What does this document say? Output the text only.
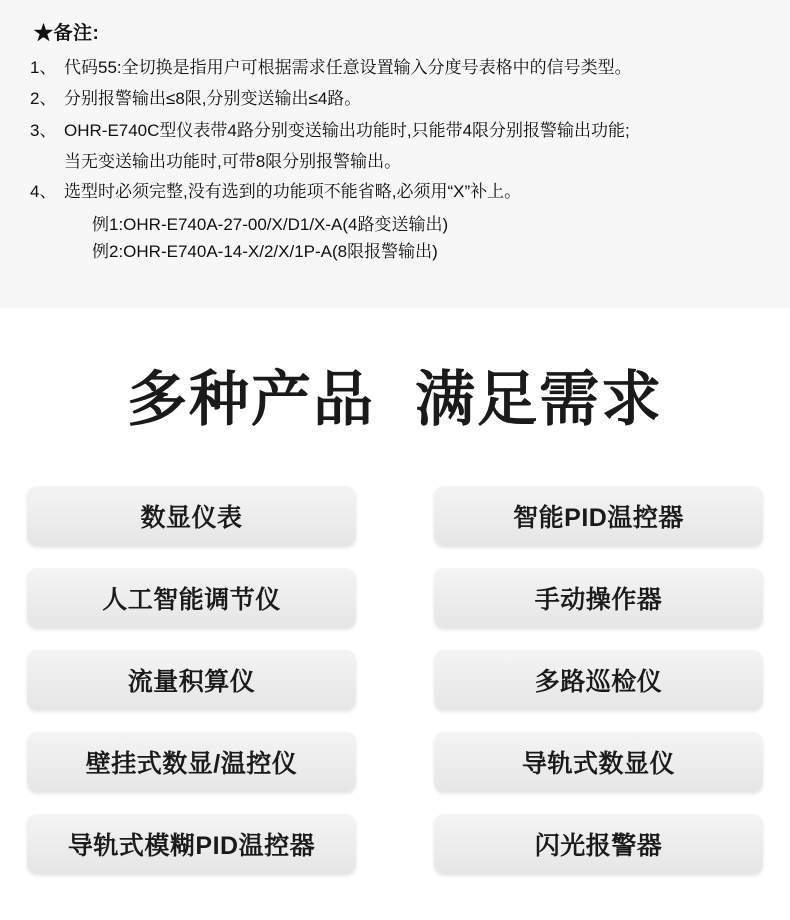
★备注:
1、 代码55:全切换是指用户可根据需求任意设置输入分度号表格中的信号类型。
2、 分别报警输出≤8限,分别变送输出≤4路。
3、 OHR-E740C型仪表带4路分别变送输出功能时,只能带4限分别报警输出功能;
当无变送输出功能时,可带8限分别报警输出。
4、 选型时必须完整,没有选到的功能项不能省略,必须用“X”补上。
例1:OHR-E740A-27-00/X/D1/X-A(4路变送输出)
例2:OHR-E740A-14-X/2/X/1P-A(8限报警输出)
多种产品 满足需求
数显仪表	智能PID温控器
人工智能调节仪	手动操作器
流量积算仪	多路巡检仪
壁挂式数显/温控仪	导轨式数显仪
导轨式模糊PID温控器	闪光报警器
